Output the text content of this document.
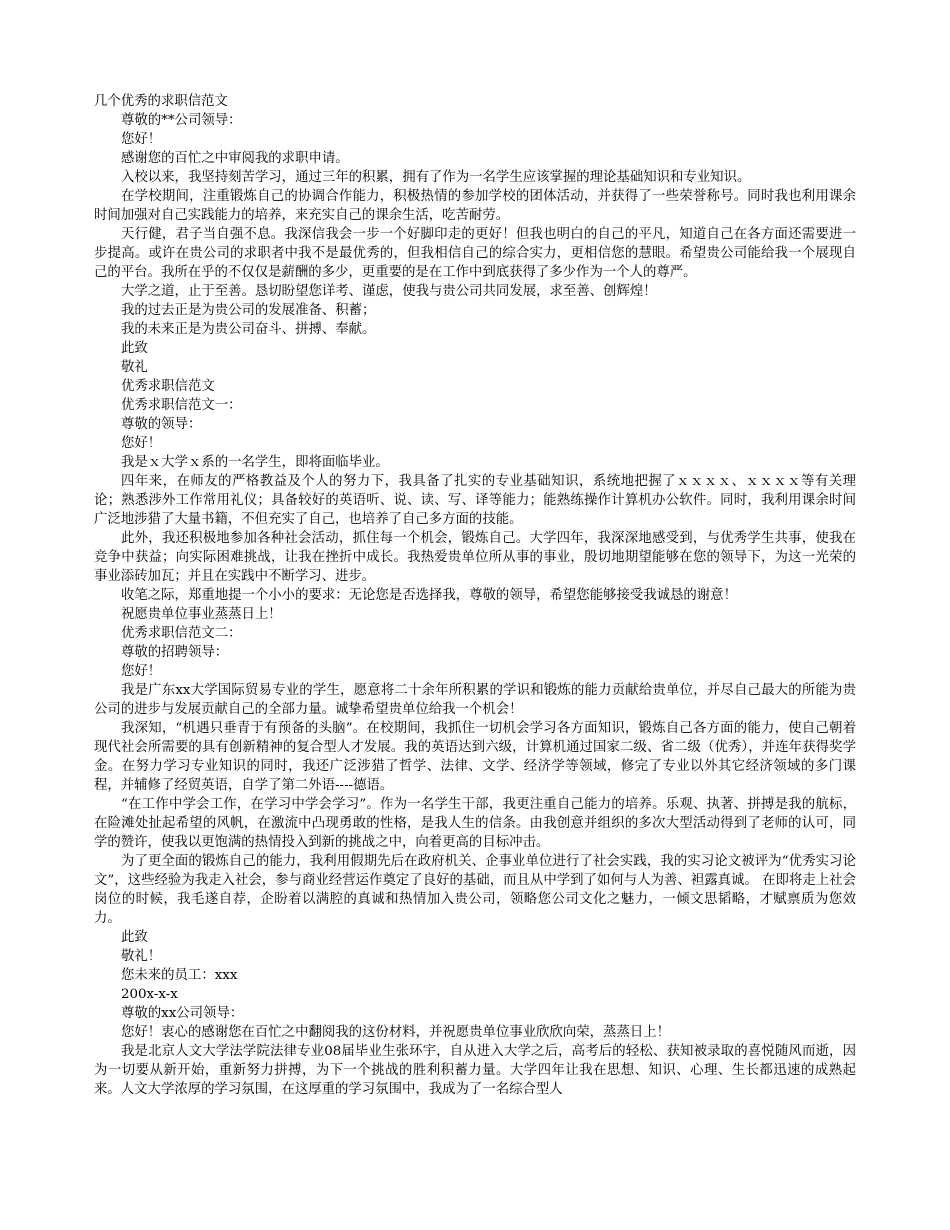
几个优秀的求职信范文

尊敬的**公司领导：

您好！

感谢您的百忙之中审阅我的求职申请。

入校以来，我坚持刻苦学习，通过三年的积累，拥有了作为一名学生应该掌握的理论基础知识和专业知识。

在学校期间，注重锻炼自己的协调合作能力，积极热情的参加学校的团体活动，并获得了一些荣誉称号。同时我也利用课余时间加强对自己实践能力的培养，来充实自己的课余生活，吃苦耐劳。

天行健，君子当自强不息。我深信我会一步一个好脚印走的更好！但我也明白的自己的平凡，知道自己在各方面还需要进一步提高。或许在贵公司的求职者中我不是最优秀的，但我相信自己的综合实力，更相信您的慧眼。希望贵公司能给我一个展现自己的平台。我所在乎的不仅仅是薪酬的多少，更重要的是在工作中到底获得了多少作为一个人的尊严。

大学之道，止于至善。恳切盼望您详考、谨虑，使我与贵公司共同发展，求至善、创辉煌！

我的过去正是为贵公司的发展准备、积蓄；

我的未来正是为贵公司奋斗、拼搏、奉献。

此致

敬礼

优秀求职信范文

优秀求职信范文一：

尊敬的领导：

您好！

我是ｘ大学ｘ系的一名学生，即将面临毕业。

四年来，在师友的严格教益及个人的努力下，我具备了扎实的专业基础知识，系统地把握了ｘｘｘｘ、ｘｘｘｘ等有关理论；熟悉涉外工作常用礼仪；具备较好的英语听、说、读、写、译等能力；能熟练操作计算机办公软件。同时，我利用课余时间广泛地涉猎了大量书籍，不但充实了自己，也培养了自己多方面的技能。

此外，我还积极地参加各种社会活动，抓住每一个机会，锻炼自己。大学四年，我深深地感受到，与优秀学生共事，使我在竞争中获益；向实际困难挑战，让我在挫折中成长。我热爱贵单位所从事的事业，殷切地期望能够在您的领导下，为这一光荣的事业添砖加瓦；并且在实践中不断学习、进步。

收笔之际，郑重地提一个小小的要求：无论您是否选择我，尊敬的领导，希望您能够接受我诚恳的谢意！

祝愿贵单位事业蒸蒸日上！

优秀求职信范文二：

尊敬的招聘领导：

您好！

我是广东xx大学国际贸易专业的学生，愿意将二十余年所积累的学识和锻炼的能力贡献给贵单位，并尽自己最大的所能为贵公司的进步与发展贡献自己的全部力量。诚挚希望贵单位给我一个机会！

我深知，“机遇只垂青于有预备的头脑”。在校期间，我抓住一切机会学习各方面知识，锻炼自己各方面的能力，使自己朝着现代社会所需要的具有创新精神的复合型人才发展。我的英语达到六级，计算机通过国家二级、省二级（优秀），并连年获得奖学金。在努力学习专业知识的同时，我还广泛涉猎了哲学、法律、文学、经济学等领域，修完了专业以外其它经济领域的多门课程，并辅修了经贸英语，自学了第二外语----德语。

“在工作中学会工作，在学习中学会学习”。作为一名学生干部，我更注重自己能力的培养。乐观、执著、拼搏是我的航标，在险滩处扯起希望的风帆，在激流中凸现勇敢的性格，是我人生的信条。由我创意并组织的多次大型活动得到了老师的认可，同学的赞许，使我以更饱满的热情投入到新的挑战之中，向着更高的目标冲击。

为了更全面的锻炼自己的能力，我利用假期先后在政府机关、企事业单位进行了社会实践，我的实习论文被评为“优秀实习论文”，这些经验为我走入社会，参与商业经营运作奠定了良好的基础，而且从中学到了如何与人为善、袒露真诚。 在即将走上社会岗位的时候，我毛遂自荐，企盼着以满腔的真诚和热情加入贵公司，领略您公司文化之魅力，一倾文思韬略，才赋禀质为您效力。

此致

敬礼！

您未来的员工：xxx

200x-x-x

尊敬的xx公司领导：

您好！衷心的感谢您在百忙之中翻阅我的这份材料，并祝愿贵单位事业欣欣向荣，蒸蒸日上！

我是北京人文大学法学院法律专业08届毕业生张环宇，自从进入大学之后，高考后的轻松、获知被录取的喜悦随风而逝，因为一切要从新开始，重新努力拼搏，为下一个挑战的胜利积蓄力量。大学四年让我在思想、知识、心理、生长都迅速的成熟起来。人文大学浓厚的学习氛围，在这厚重的学习氛围中，我成为了一名综合型人
